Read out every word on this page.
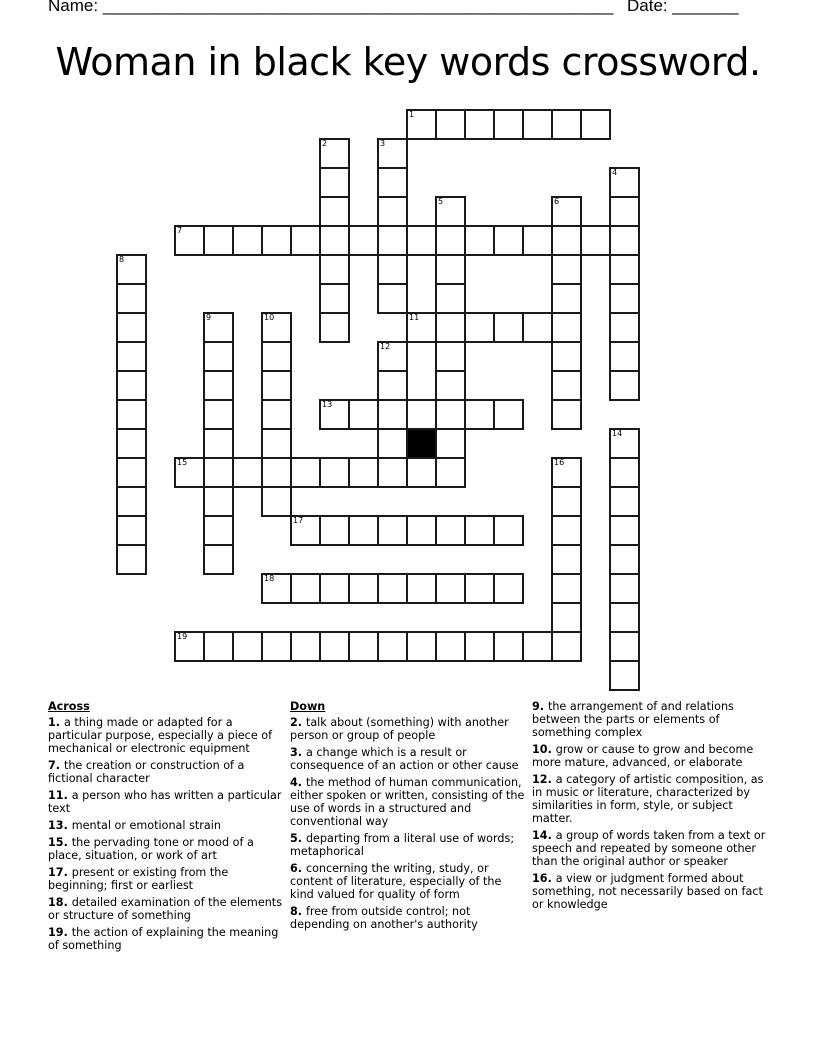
Name: ______________________________________________________ Date: _______
Woman in black key words crossword.
1
2	3
4
5	6
7
8
9	10	11
12
13
14
15	16
17
18
19
Across
1. a thing made or adapted for a particular purpose, especially a piece of mechanical or electronic equipment
7. the creation or construction of a fictional character
11. a person who has written a particular text
13. mental or emotional strain
15. the pervading tone or mood of a place, situation, or work of art
17. present or existing from the beginning; first or earliest
18. detailed examination of the elements or structure of something
19. the action of explaining the meaning of something
Down
2. talk about (something) with another person or group of people
3. a change which is a result or consequence of an action or other cause
4. the method of human communication, either spoken or written, consisting of the use of words in a structured and conventional way
5. departing from a literal use of words; metaphorical
6. concerning the writing, study, or content of literature, especially of the kind valued for quality of form
8. free from outside control; not depending on another's authority
9. the arrangement of and relations between the parts or elements of something complex
10. grow or cause to grow and become more mature, advanced, or elaborate
12. a category of artistic composition, as in music or literature, characterized by similarities in form, style, or subject matter.
14. a group of words taken from a text or speech and repeated by someone other than the original author or speaker
16. a view or judgment formed about something, not necessarily based on fact or knowledge
